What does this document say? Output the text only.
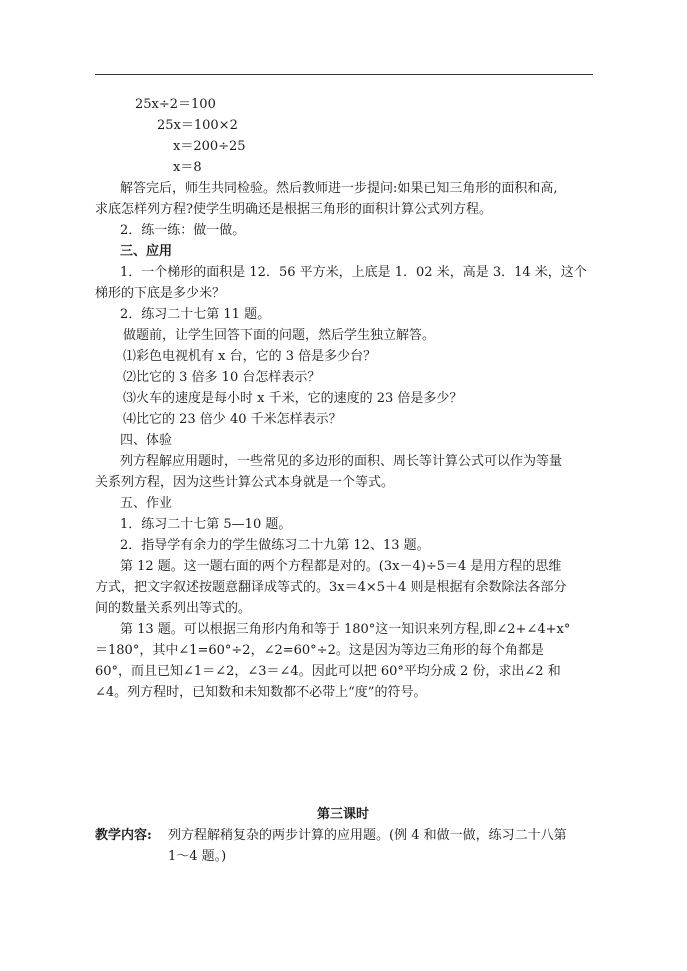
25x÷2＝100
25x＝100×2
x＝200÷25
x＝8
解答完后，师生共同检验。然后教师进一步提问:如果已知三角形的面积和高,
求底怎样列方程?使学生明确还是根据三角形的面积计算公式列方程。
2．练一练：做一做。
三、应用
1．一个梯形的面积是 12．56 平方米，上底是 1．02 米，高是 3．14 米，这个
梯形的下底是多少米？
2．练习二十七第 11 题。
做题前，让学生回答下面的问题，然后学生独立解答。
⑴彩色电视机有 x 台，它的 3 倍是多少台？
⑵比它的 3 倍多 10 台怎样表示？
⑶火车的速度是每小时 x 千米，它的速度的 23 倍是多少？
⑷比它的 23 倍少 40 千米怎样表示？
四、体验
列方程解应用题时，一些常见的多边形的面积、周长等计算公式可以作为等量
关系列方程，因为这些计算公式本身就是一个等式。
五、作业
1．练习二十七第 5—10 题。
2．指导学有余力的学生做练习二十九第 12、13 题。
第 12 题。这一题右面的两个方程都是对的。(3x－4)÷5＝4 是用方程的思维
方式，把文字叙述按题意翻译成等式的。3x＝4×5＋4 则是根据有余数除法各部分
间的数量关系列出等式的。
第 13 题。可以根据三角形内角和等于 180°这一知识来列方程,即∠2+∠4+x°
＝180°，其中∠1=60°÷2，∠2=60°÷2。这是因为等边三角形的每个角都是
60°，而且已知∠1＝∠2，∠3＝∠4。因此可以把 60°平均分成 2 份，求出∠2 和
∠4。列方程时，已知数和未知数都不必带上“度”的符号。
第三课时
教学内容: 列方程解稍复杂的两步计算的应用题。(例 4 和做一做，练习二十八第
1～4 题。)
